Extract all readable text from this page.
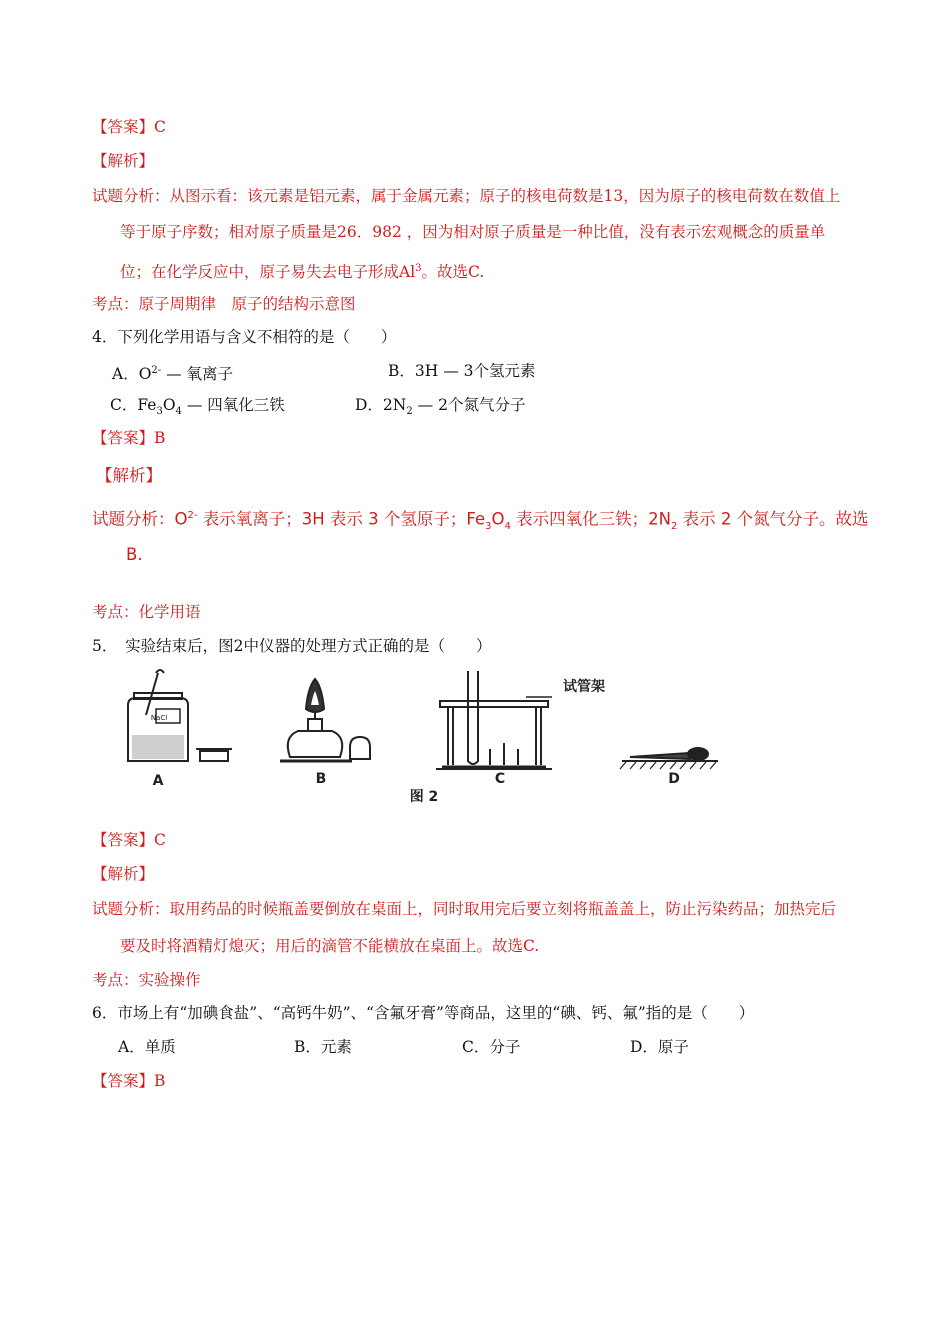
【答案】C
【解析】
试题分析：从图示看：该元素是铝元素，属于金属元素；原子的核电荷数是13，因为原子的核电荷数在数值上
等于原子序数；相对原子质量是26．982 ，因为相对原子质量是一种比值，没有表示宏观概念的质量单
位；在化学反应中，原子易失去电子形成Al$^3$。故选C.
考点：原子周期律　原子的结构示意图
4．下列化学用语与含义不相符的是（　　）
A．$O^{2-}$ — 氧离子	B．3H — 3个氢元素
C．$Fe_3O_4$ — 四氧化三铁	D．$2N_2$ — 2个氮气分子
【答案】B
【解析】
试题分析：$O^{2-}$ 表示氧离子；3H 表示 3 个氢原子；$Fe_3O_4$ 表示四氧化三铁；$2N_2$ 表示 2 个氮气分子。故选
B.
考点：化学用语
5．　实验结束后，图2中仪器的处理方式正确的是（　　）
NaCl
试管架
A	B	C	D
图 2
【答案】C
【解析】
试题分析：取用药品的时候瓶盖要倒放在桌面上，同时取用完后要立刻将瓶盖盖上，防止污染药品；加热完后
要及时将酒精灯熄灭；用后的滴管不能横放在桌面上。故选C.
考点：实验操作
6．市场上有“加碘食盐”、“高钙牛奶”、“含氟牙膏”等商品，这里的“碘、钙、氟”指的是（　　）
A．单质	B．元素	C．分子	D．原子
【答案】B
